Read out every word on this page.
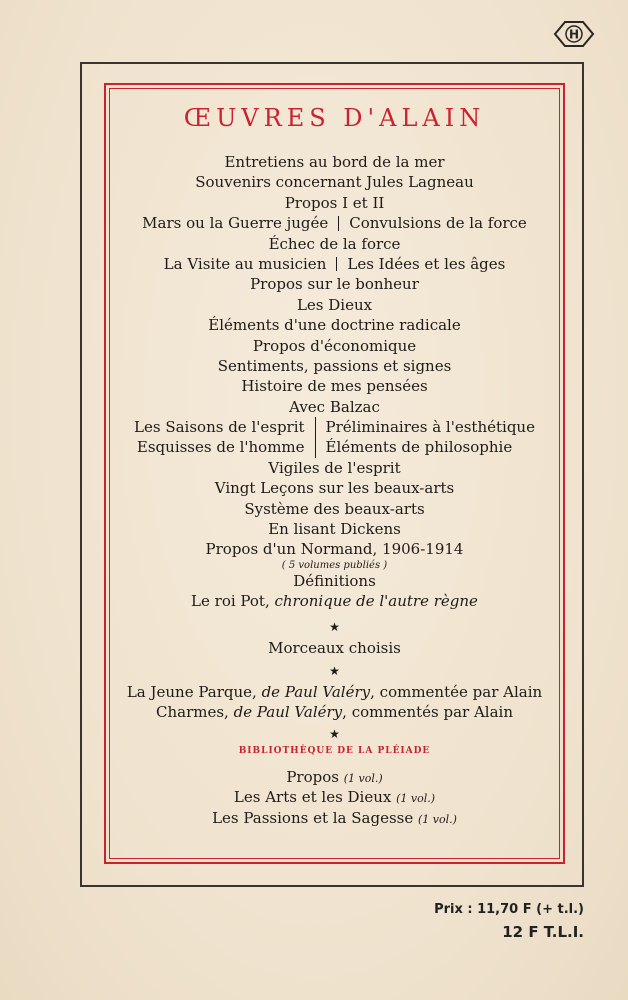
H
ŒUVRES D'ALAIN
Entretiens au bord de la mer
Souvenirs concernant Jules Lagneau
Propos I et II
Mars ou la Guerre jugée	Convulsions de la force
Échec de la force
La Visite au musicien	Les Idées et les âges
Propos sur le bonheur
Les Dieux
Éléments d'une doctrine radicale
Propos d'économique
Sentiments, passions et signes
Histoire de mes pensées
Avec Balzac
Les Saisons de l'esprit
Esquisses de l'homme
Préliminaires à l'esthétique
Éléments de philosophie
Vigiles de l'esprit
Vingt Leçons sur les beaux-arts
Système des beaux-arts
En lisant Dickens
Propos d'un Normand, 1906-1914
( 5 volumes publiés )
Définitions
Le roi Pot, chronique de l'autre règne
★
Morceaux choisis
★
La Jeune Parque, de Paul Valéry, commentée par Alain
Charmes, de Paul Valéry, commentés par Alain
★
BIBLIOTHÈQUE DE LA PLÉIADE
Propos (1 vol.)
Les Arts et les Dieux (1 vol.)
Les Passions et la Sagesse (1 vol.)
Prix : 11,70 F (+ t.l.)
12 F T.L.I.
